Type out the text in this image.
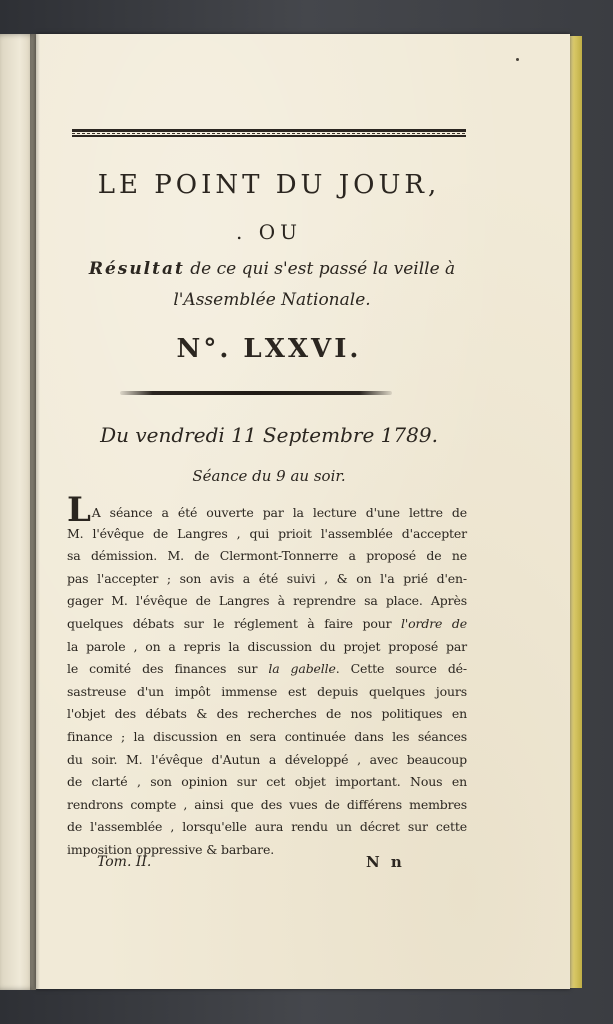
LE POINT DU JOUR,
. OU
Résultat de ce qui s'est passé la veille à
l'Assemblée Nationale.
N°. LXXVI.
Du vendredi 11 Septembre 1789.
Séance du 9 au soir.
LA séance a été ouverte par la lecture d'une lettre de
M. l'évêque de Langres , qui prioit l'assemblée d'accepter
sa démission. M. de Clermont-Tonnerre a proposé de ne
pas l'accepter ; son avis a été suivi , & on l'a prié d'en-
gager M. l'évêque de Langres à reprendre sa place. Après
quelques débats sur le réglement à faire pour l'ordre de
la parole , on a repris la discussion du projet proposé par
le comité des finances sur la gabelle. Cette source dé-
sastreuse d'un impôt immense est depuis quelques jours
l'objet des débats & des recherches de nos politiques en
finance ; la discussion en sera continuée dans les séances
du soir. M. l'évêque d'Autun a développé , avec beaucoup
de clarté , son opinion sur cet objet important. Nous en
rendrons compte , ainsi que des vues de différens membres
de l'assemblée , lorsqu'elle aura rendu un décret sur cette
imposition oppressive & barbare.
Tom. II.	N n
